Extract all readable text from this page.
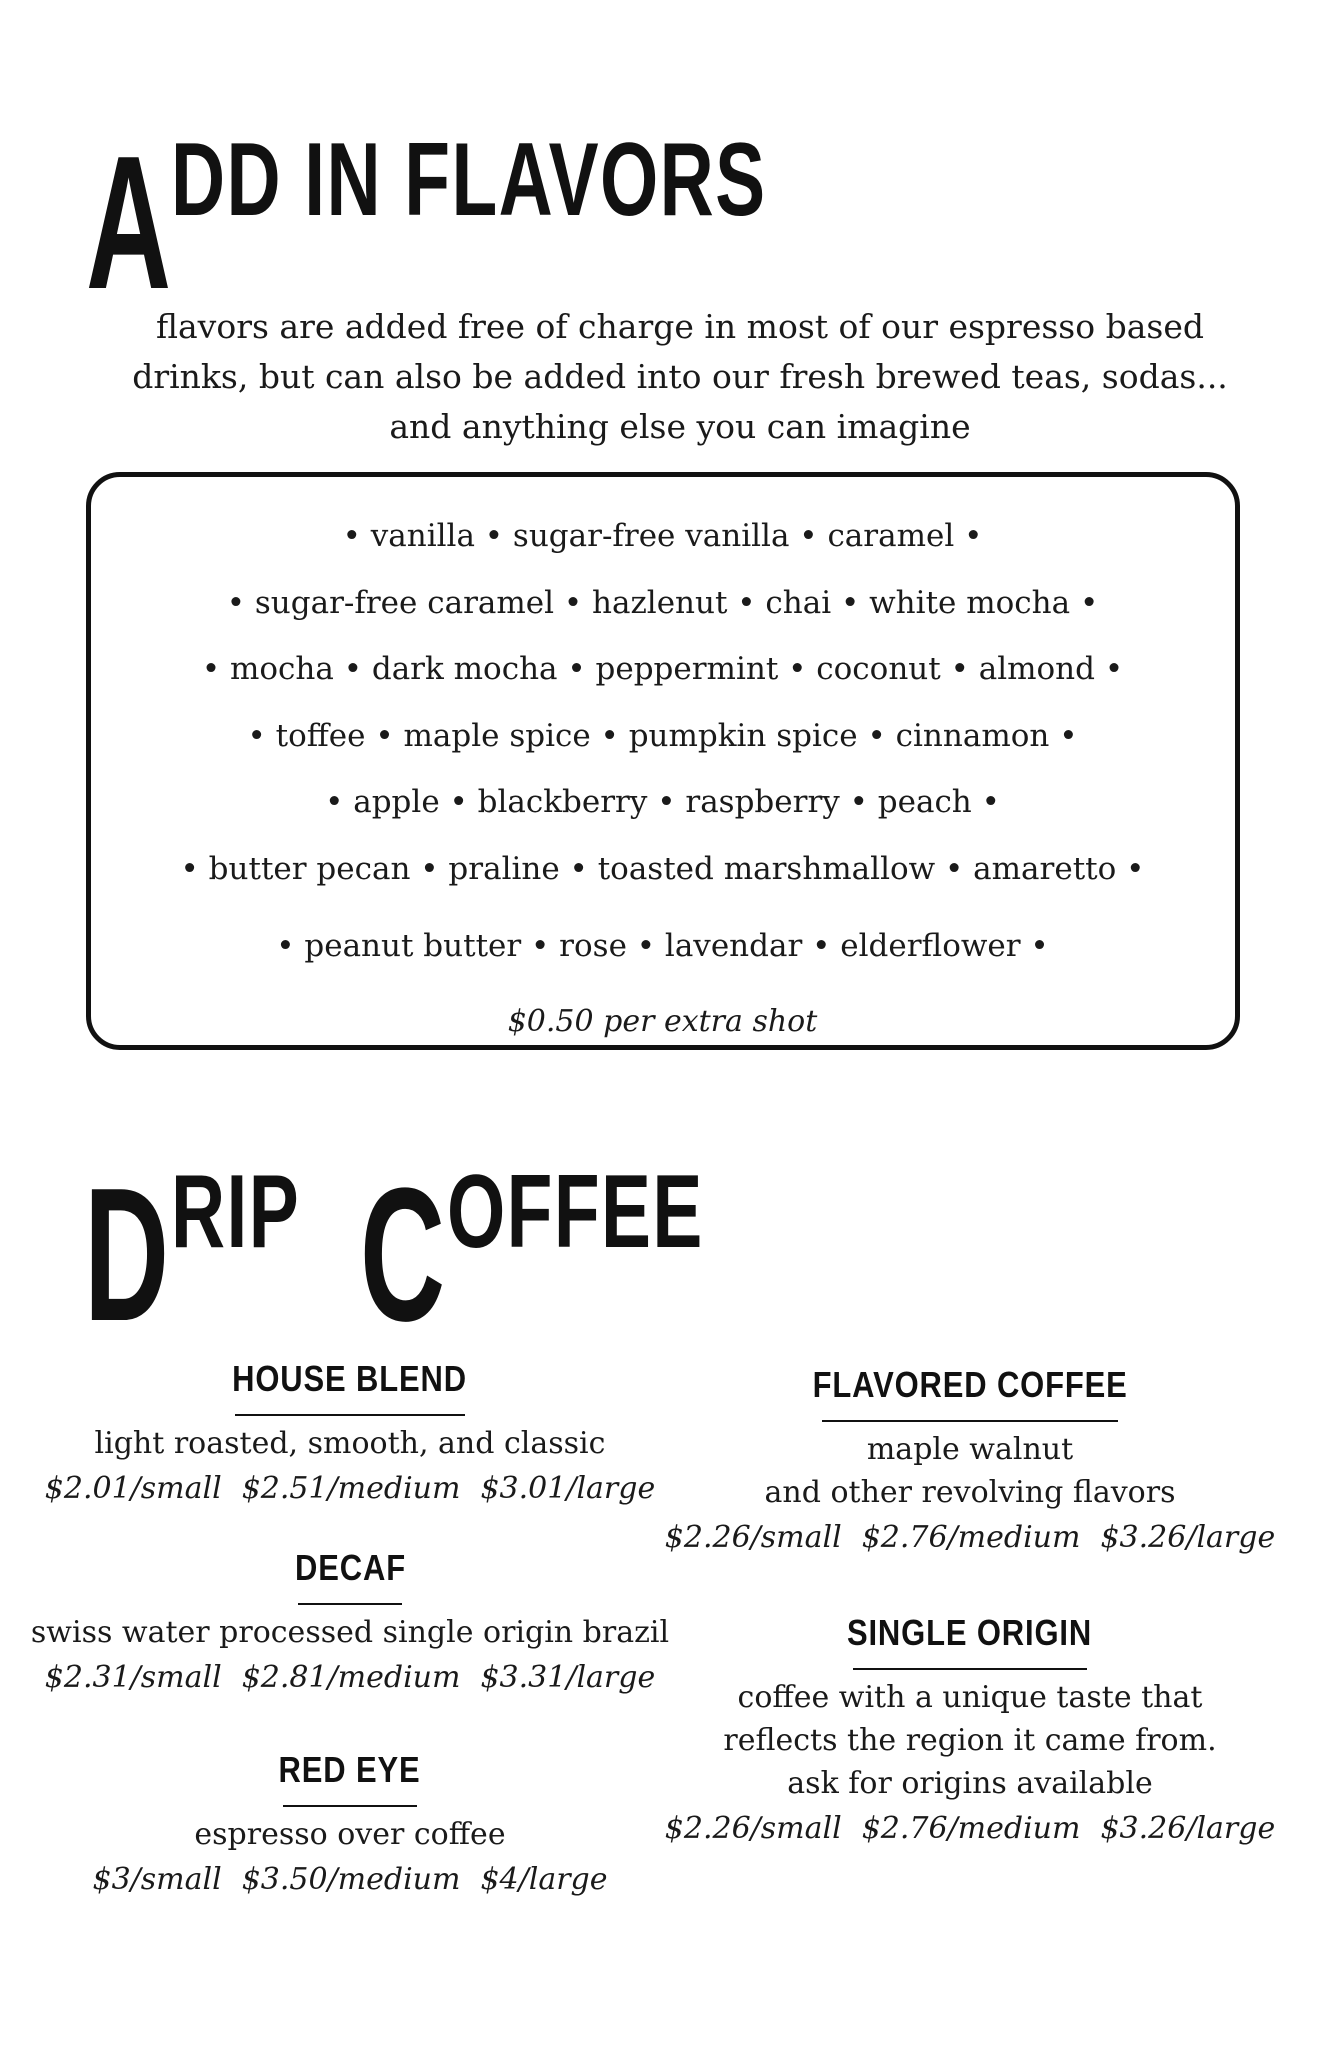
ADD IN FLAVORS
flavors are added free of charge in most of our espresso based
drinks, but can also be added into our fresh brewed teas, sodas...
and anything else you can imagine
• vanilla • sugar-free vanilla • caramel •
• sugar-free caramel • hazlenut • chai • white mocha •
• mocha • dark mocha • peppermint • coconut • almond •
• toffee • maple spice • pumpkin spice • cinnamon •
• apple • blackberry • raspberry • peach •
• butter pecan • praline • toasted marshmallow • amaretto •
• peanut butter • rose • lavendar • elderflower •
$0.50 per extra shot
DRIP COFFEE
HOUSE BLEND
light roasted, smooth, and classic
$2.01/small $2.51/medium $3.01/large
DECAF
swiss water processed single origin brazil
$2.31/small $2.81/medium $3.31/large
RED EYE
espresso over coffee
$3/small $3.50/medium $4/large
FLAVORED COFFEE
maple walnut
and other revolving flavors
$2.26/small $2.76/medium $3.26/large
SINGLE ORIGIN
coffee with a unique taste that
reflects the region it came from.
ask for origins available
$2.26/small $2.76/medium $3.26/large
